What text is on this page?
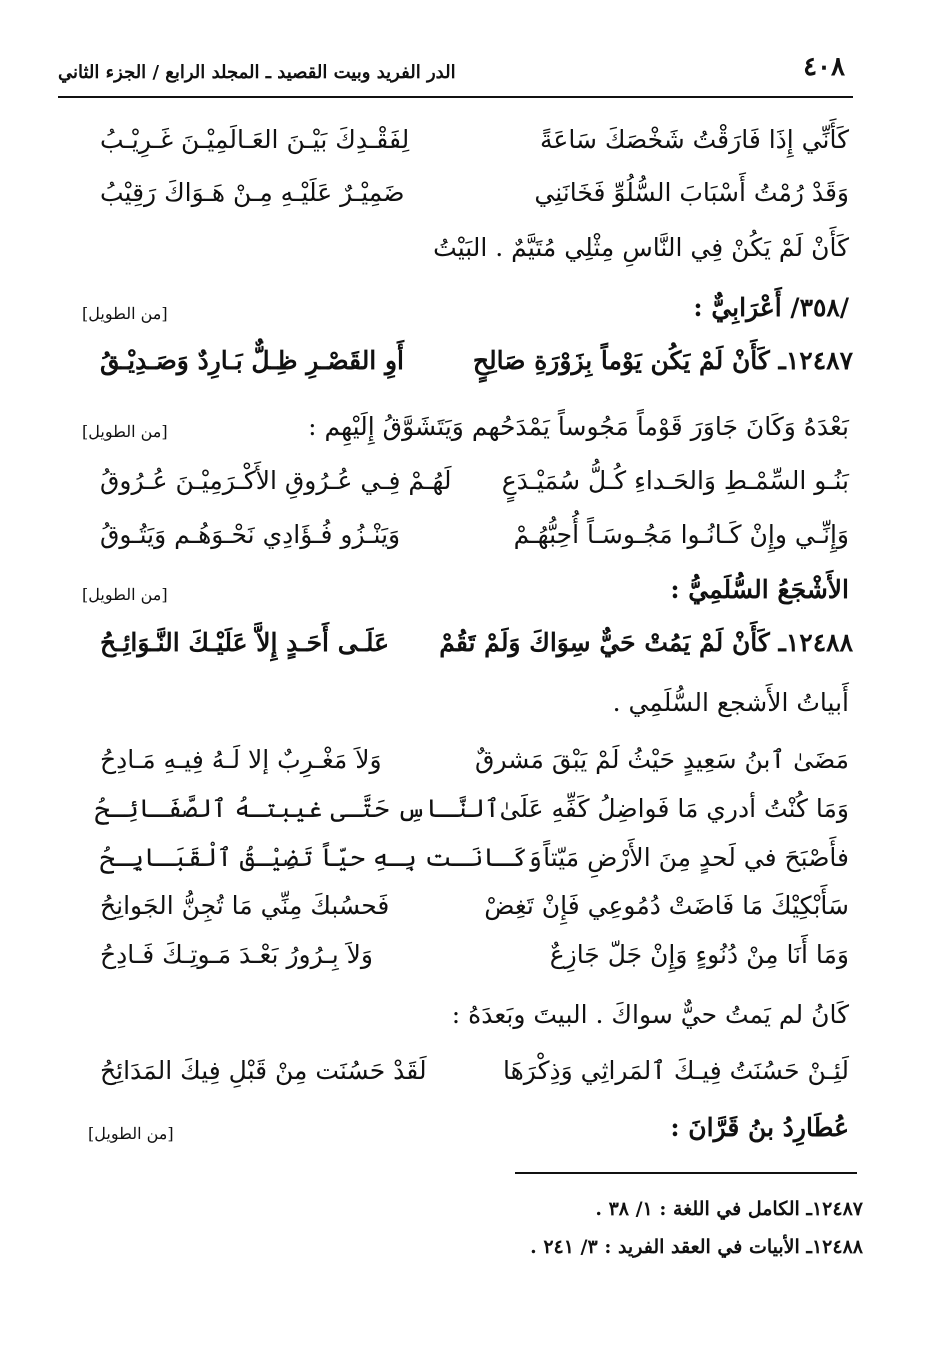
٤٠٨
الدر الفريد وبيت القصيد ـ المجلد الرابع / الجزء الثاني
كَأَنِّي إِذَا فَارَقْتُ شَخْصَكَ سَاعَةً
لِفَقْـدِكَ بَيْـنَ العَـالَمِيْـنَ غَـرِيْـبُ
وَقَدْ رُمْتُ أَسْبَابَ السُّلُوِّ فَخَانَنِي
ضَمِيْـرٌ عَلَيْـهِ مِـنْ هَـوَاكَ رَقِيْبُ
كَأَنْ لَمْ يَكُنْ فِي النَّاسِ مِثْلِي مُتَيَّمٌ . البَيْتُ
/٣٥٨/ أَعْرَابِيٌّ :
[من الطويل]
١٢٤٨٧ـ كَأَنْ لَمْ يَكُن يَوْماً بِزَوْرَةِ صَالِحٍ
أَوِ القَصْـرِ ظِـلٌّ بَـارِدٌ وَصَـدِيْـقُ
بَعْدَهُ وَكَانَ جَاوَرَ قَوْماً مَجُوساً يَمْدَحُهم وَيَتَشَوَّقُ إِلَيْهِم :
[من الطويل]
بَنُـو السِّمْـطِ وَالحَـداءِ كُـلُّ سُمَيْـدَعٍ
لَهُـمْ فِـي عُـرُوقِ الأَكْـرَمِيْـنَ عُـرُوقُ
وَإِنِّـي وإِنْ كَـانُـوا مَجُـوسَـاً أُحِبُّهُـمْ
وَيَنْـزُو فُـؤَادِي نَحْـوَهُـم وَيَتُـوقُ
الأَشْجَعُ السُّلَمِيُّ :
[من الطويل]
١٢٤٨٨ـ كَأَنْ لَمْ يَمُتْ حَيٌّ سِوَاكَ وَلَمْ تَقُمْ
عَلَـى أَحَـدٍ إِلاَّ عَلَيْـكَ النَّـوَائِـحُ
أَبياتُ الأَشجع السُّلَمِي .
مَضَىٰ ٱبنُ سَعِيدٍ حَيْثُ لَمْ يَبْقَ مَشرقٌ
وَلاَ مَغْـرِبٌ إلا لَـهُ فِيـهِ مَـادِحُ
وَمَا كُنْتُ أدري مَا فَواضِلُ كَفِّهِ عَلَىٰ
ٱلنَّـاسِ حَتَّـى غيبتـهُ ٱلصَّفَـائِـحُ
فأَصْبَحَ في لَحدٍ مِنَ الأَرْضِ مَيّتاً
وَكَـانَـت بِـهِ حيّاً تَضِيْـقُ ٱلْقَبَـايِـحُ
سَأَبْكِيْكَ مَا فَاضَتْ دُمُوعِي فَإِنْ تَغِضْ
فَحسُبكَ مِنِّي مَا تُجِنُّ الجَوانِحُ
وَمَا أَنَا مِنْ دُنُوءٍ وَإِنْ جَلّ جَازِعٌ
وَلاَ بِـرُورُ بَعْـدَ مَـوتِـكَ فَـادِحُ
كَانُ لم يَمتُ حيٌّ سواكَ . البيتَ وبَعدَهُ :
لَئِـنْ حَسُنَتُ فِيـكَ ٱلمَراثِي وَذِكْرَهَا
لَقَدْ حَسُنَت مِنْ قَبْلِ فِيكَ المَدَائِحُ
عُطَارِدُ بنُ قَرَّانَ :
[من الطويل]
١٢٤٨٧ـ الكامل في اللغة : ١/ ٣٨ .
١٢٤٨٨ـ الأبيات في العقد الفريد : ٣/ ٢٤١ .
